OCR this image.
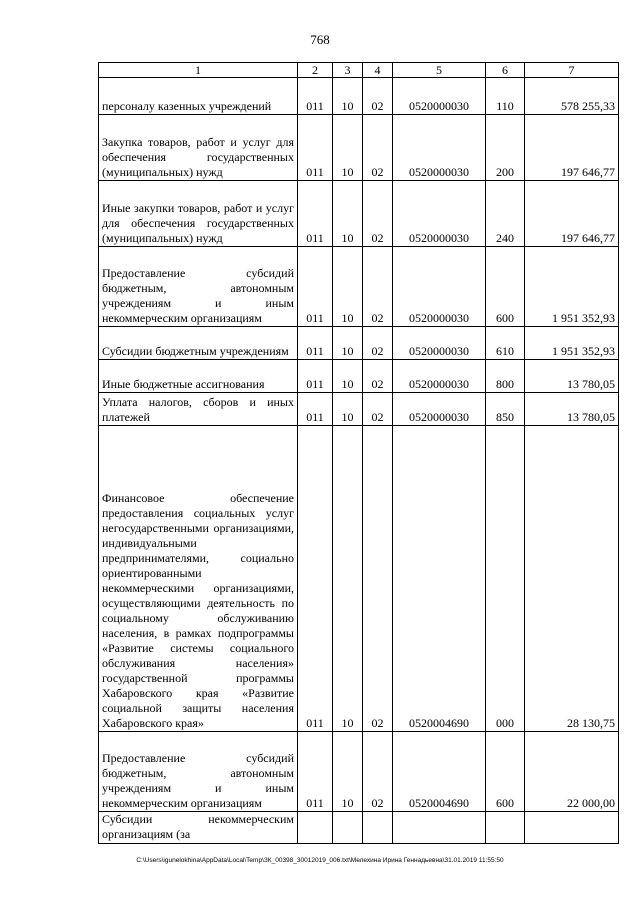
768
1	2	3	4	5	6	7
персоналу казенных учреждений	011	10	02	0520000030	110	578 255,33
Закупка товаров, работ и услуг для обеспечения государственных (муниципальных) нужд	011	10	02	0520000030	200	197 646,77
Иные закупки товаров, работ и услуг для обеспечения государственных (муниципальных) нужд	011	10	02	0520000030	240	197 646,77
Предоставление субсидий бюджетным, автономным учреждениям и иным некоммерческим организациям	011	10	02	0520000030	600	1 951 352,93
Субсидии бюджетным учреждениям	011	10	02	0520000030	610	1 951 352,93
Иные бюджетные ассигнования	011	10	02	0520000030	800	13 780,05
Уплата налогов, сборов и иных платежей	011	10	02	0520000030	850	13 780,05
Финансовое обеспечение предоставления социальных услуг негосударственными организациями, индивидуальными предпринимателями, социально ориентированными некоммерческими организациями, осуществляющими деятельность по социальному обслуживанию населения, в рамках подпрограммы «Развитие системы социального обслуживания населения» государственной программы Хабаровского края «Развитие социальной защиты населения Хабаровского края»	011	10	02	0520004690	000	28 130,75
Предоставление субсидий бюджетным, автономным учреждениям и иным некоммерческим организациям	011	10	02	0520004690	600	22 000,00
Субсидии некоммерческим организациям (за						
C:\Users\igunelokhina\AppData\Local\Temp\ЗК_00398_30012019_006.txt\Мелехина Ирина Геннадьевна\31.01.2019 11:55:50
